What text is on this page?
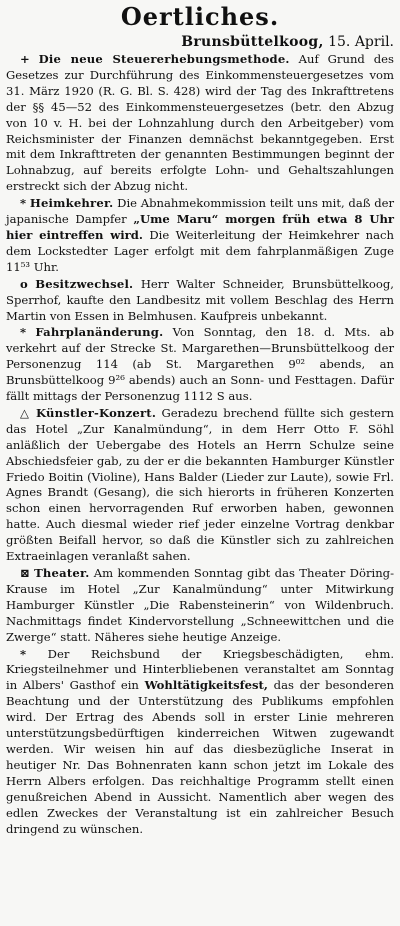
Oertliches.
Brunsbüttelkoog, 15. April.

+ Die neue Steuererhebungsmethode. Auf Grund des Gesetzes zur Durchführung des Einkommensteuergesetzes vom 31. März 1920 (R. G. Bl. S. 428) wird der Tag des Inkrafttretens der §§ 45—52 des Einkommensteuergesetzes (betr. den Abzug von 10 v. H. bei der Lohnzahlung durch den Arbeitgeber) vom Reichsminister der Finanzen demnächst bekanntgegeben. Erst mit dem Inkrafttreten der genannten Bestimmungen beginnt der Lohnabzug, auf bereits erfolgte Lohn- und Gehaltszahlungen erstreckt sich der Abzug nicht.

* Heimkehrer. Die Abnahmekommission teilt uns mit, daß der japanische Dampfer „Ume Maru“ morgen früh etwa 8 Uhr hier eintreffen wird. Die Weiterleitung der Heimkehrer nach dem Lockstedter Lager erfolgt mit dem fahrplanmäßigen Zuge 11⁵³ Uhr.

o Besitzwechsel. Herr Walter Schneider, Brunsbüttelkoog, Sperrhof, kaufte den Landbesitz mit vollem Beschlag des Herrn Martin von Essen in Belmhusen. Kaufpreis unbekannt.

* Fahrplanänderung. Von Sonntag, den 18. d. Mts. ab verkehrt auf der Strecke St. Margarethen—Brunsbüttelkoog der Personenzug 114 (ab St. Margarethen 9⁰² abends, an Brunsbüttelkoog 9²⁶ abends) auch an Sonn- und Festtagen. Dafür fällt mittags der Personenzug 1112 S aus.

△ Künstler-Konzert. Geradezu brechend füllte sich gestern das Hotel „Zur Kanalmündung“, in dem Herr Otto F. Söhl anläßlich der Uebergabe des Hotels an Herrn Schulze seine Abschiedsfeier gab, zu der er die bekannten Hamburger Künstler Friedo Boitin (Violine), Hans Balder (Lieder zur Laute), sowie Frl. Agnes Brandt (Gesang), die sich hierorts in früheren Konzerten schon einen hervorragenden Ruf erworben haben, gewonnen hatte. Auch diesmal wieder rief jeder einzelne Vortrag denkbar größten Beifall hervor, so daß die Künstler sich zu zahlreichen Extraeinlagen veranlaßt sahen.

⊠ Theater. Am kommenden Sonntag gibt das Theater Döring-Krause im Hotel „Zur Kanalmündung“ unter Mitwirkung Hamburger Künstler „Die Rabensteinerin“ von Wildenbruch. Nachmittags findet Kindervorstellung „Schneewittchen und die Zwerge“ statt. Näheres siehe heutige Anzeige.

* Der Reichsbund der Kriegsbeschädigten, ehm. Kriegsteilnehmer und Hinterbliebenen veranstaltet am Sonntag in Albers' Gasthof ein Wohltätigkeitsfest, das der besonderen Beachtung und der Unterstützung des Publikums empfohlen wird. Der Ertrag des Abends soll in erster Linie mehreren unterstützungsbedürftigen kinderreichen Witwen zugewandt werden. Wir weisen hin auf das diesbezügliche Inserat in heutiger Nr. Das Bohnenraten kann schon jetzt im Lokale des Herrn Albers erfolgen. Das reichhaltige Programm stellt einen genußreichen Abend in Aussicht. Namentlich aber wegen des edlen Zweckes der Veranstaltung ist ein zahlreicher Besuch dringend zu wünschen.
